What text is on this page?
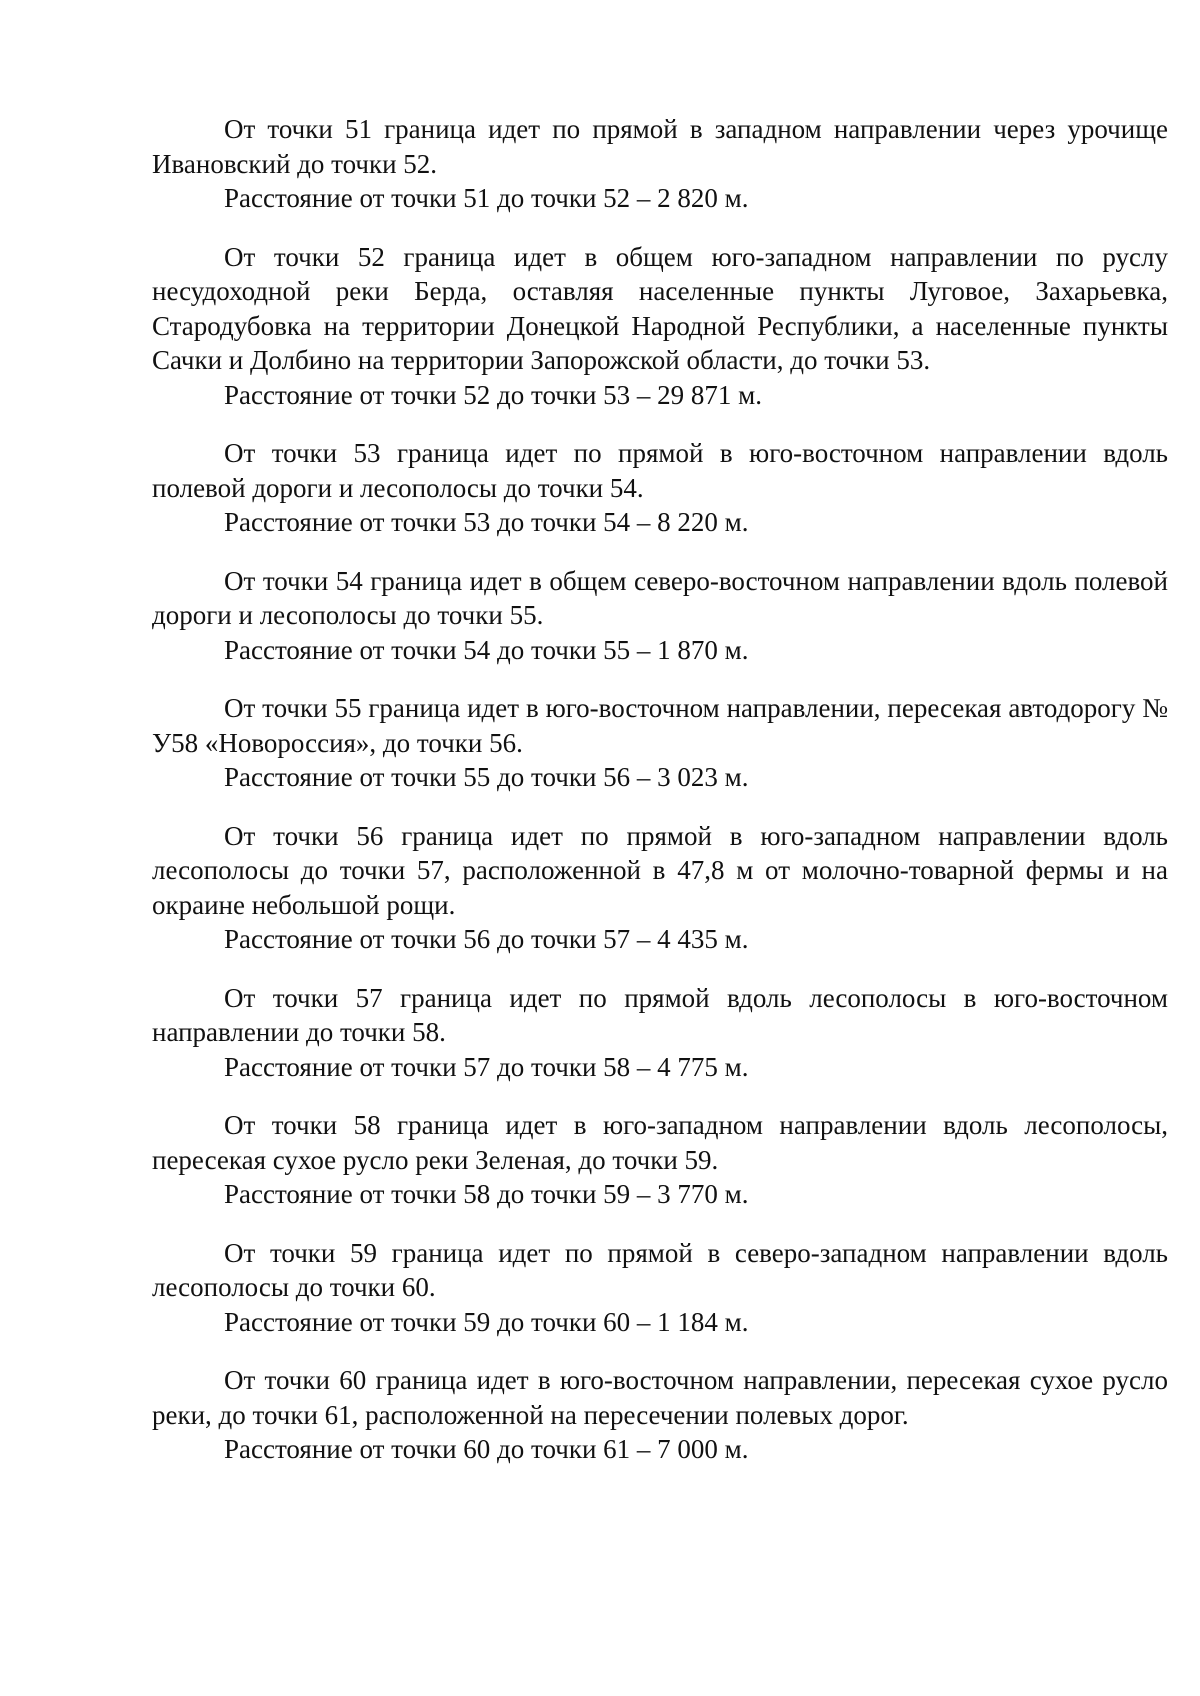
От точки 51 граница идет по прямой в западном направлении через урочище Ивановский до точки 52.

Расстояние от точки 51 до точки 52 – 2 820 м.

От точки 52 граница идет в общем юго-западном направлении по руслу несудоходной реки Берда, оставляя населенные пункты Луговое, Захарьевка, Стародубовка на территории Донецкой Народной Республики, а населенные пункты Сачки и Долбино на территории Запорожской области, до точки 53.

Расстояние от точки 52 до точки 53 – 29 871 м.

От точки 53 граница идет по прямой в юго-восточном направлении вдоль полевой дороги и лесополосы до точки 54.

Расстояние от точки 53 до точки 54 – 8 220 м.

От точки 54 граница идет в общем северо-восточном направлении вдоль полевой дороги и лесополосы до точки 55.

Расстояние от точки 54 до точки 55 – 1 870 м.

От точки 55 граница идет в юго-восточном направлении, пересекая автодорогу № У58 «Новороссия», до точки 56.

Расстояние от точки 55 до точки 56 – 3 023 м.

От точки 56 граница идет по прямой в юго-западном направлении вдоль лесополосы до точки 57, расположенной в 47,8 м от молочно-товарной фермы и на окраине небольшой рощи.

Расстояние от точки 56 до точки 57 – 4 435 м.

От точки 57 граница идет по прямой вдоль лесополосы в юго-восточном направлении до точки 58.

Расстояние от точки 57 до точки 58 – 4 775 м.

От точки 58 граница идет в юго-западном направлении вдоль лесополосы, пересекая сухое русло реки Зеленая, до точки 59.

Расстояние от точки 58 до точки 59 – 3 770 м.

От точки 59 граница идет по прямой в северо-западном направлении вдоль лесополосы до точки 60.

Расстояние от точки 59 до точки 60 – 1 184 м.

От точки 60 граница идет в юго-восточном направлении, пересекая сухое русло реки, до точки 61, расположенной на пересечении полевых дорог.

Расстояние от точки 60 до точки 61 – 7 000 м.
